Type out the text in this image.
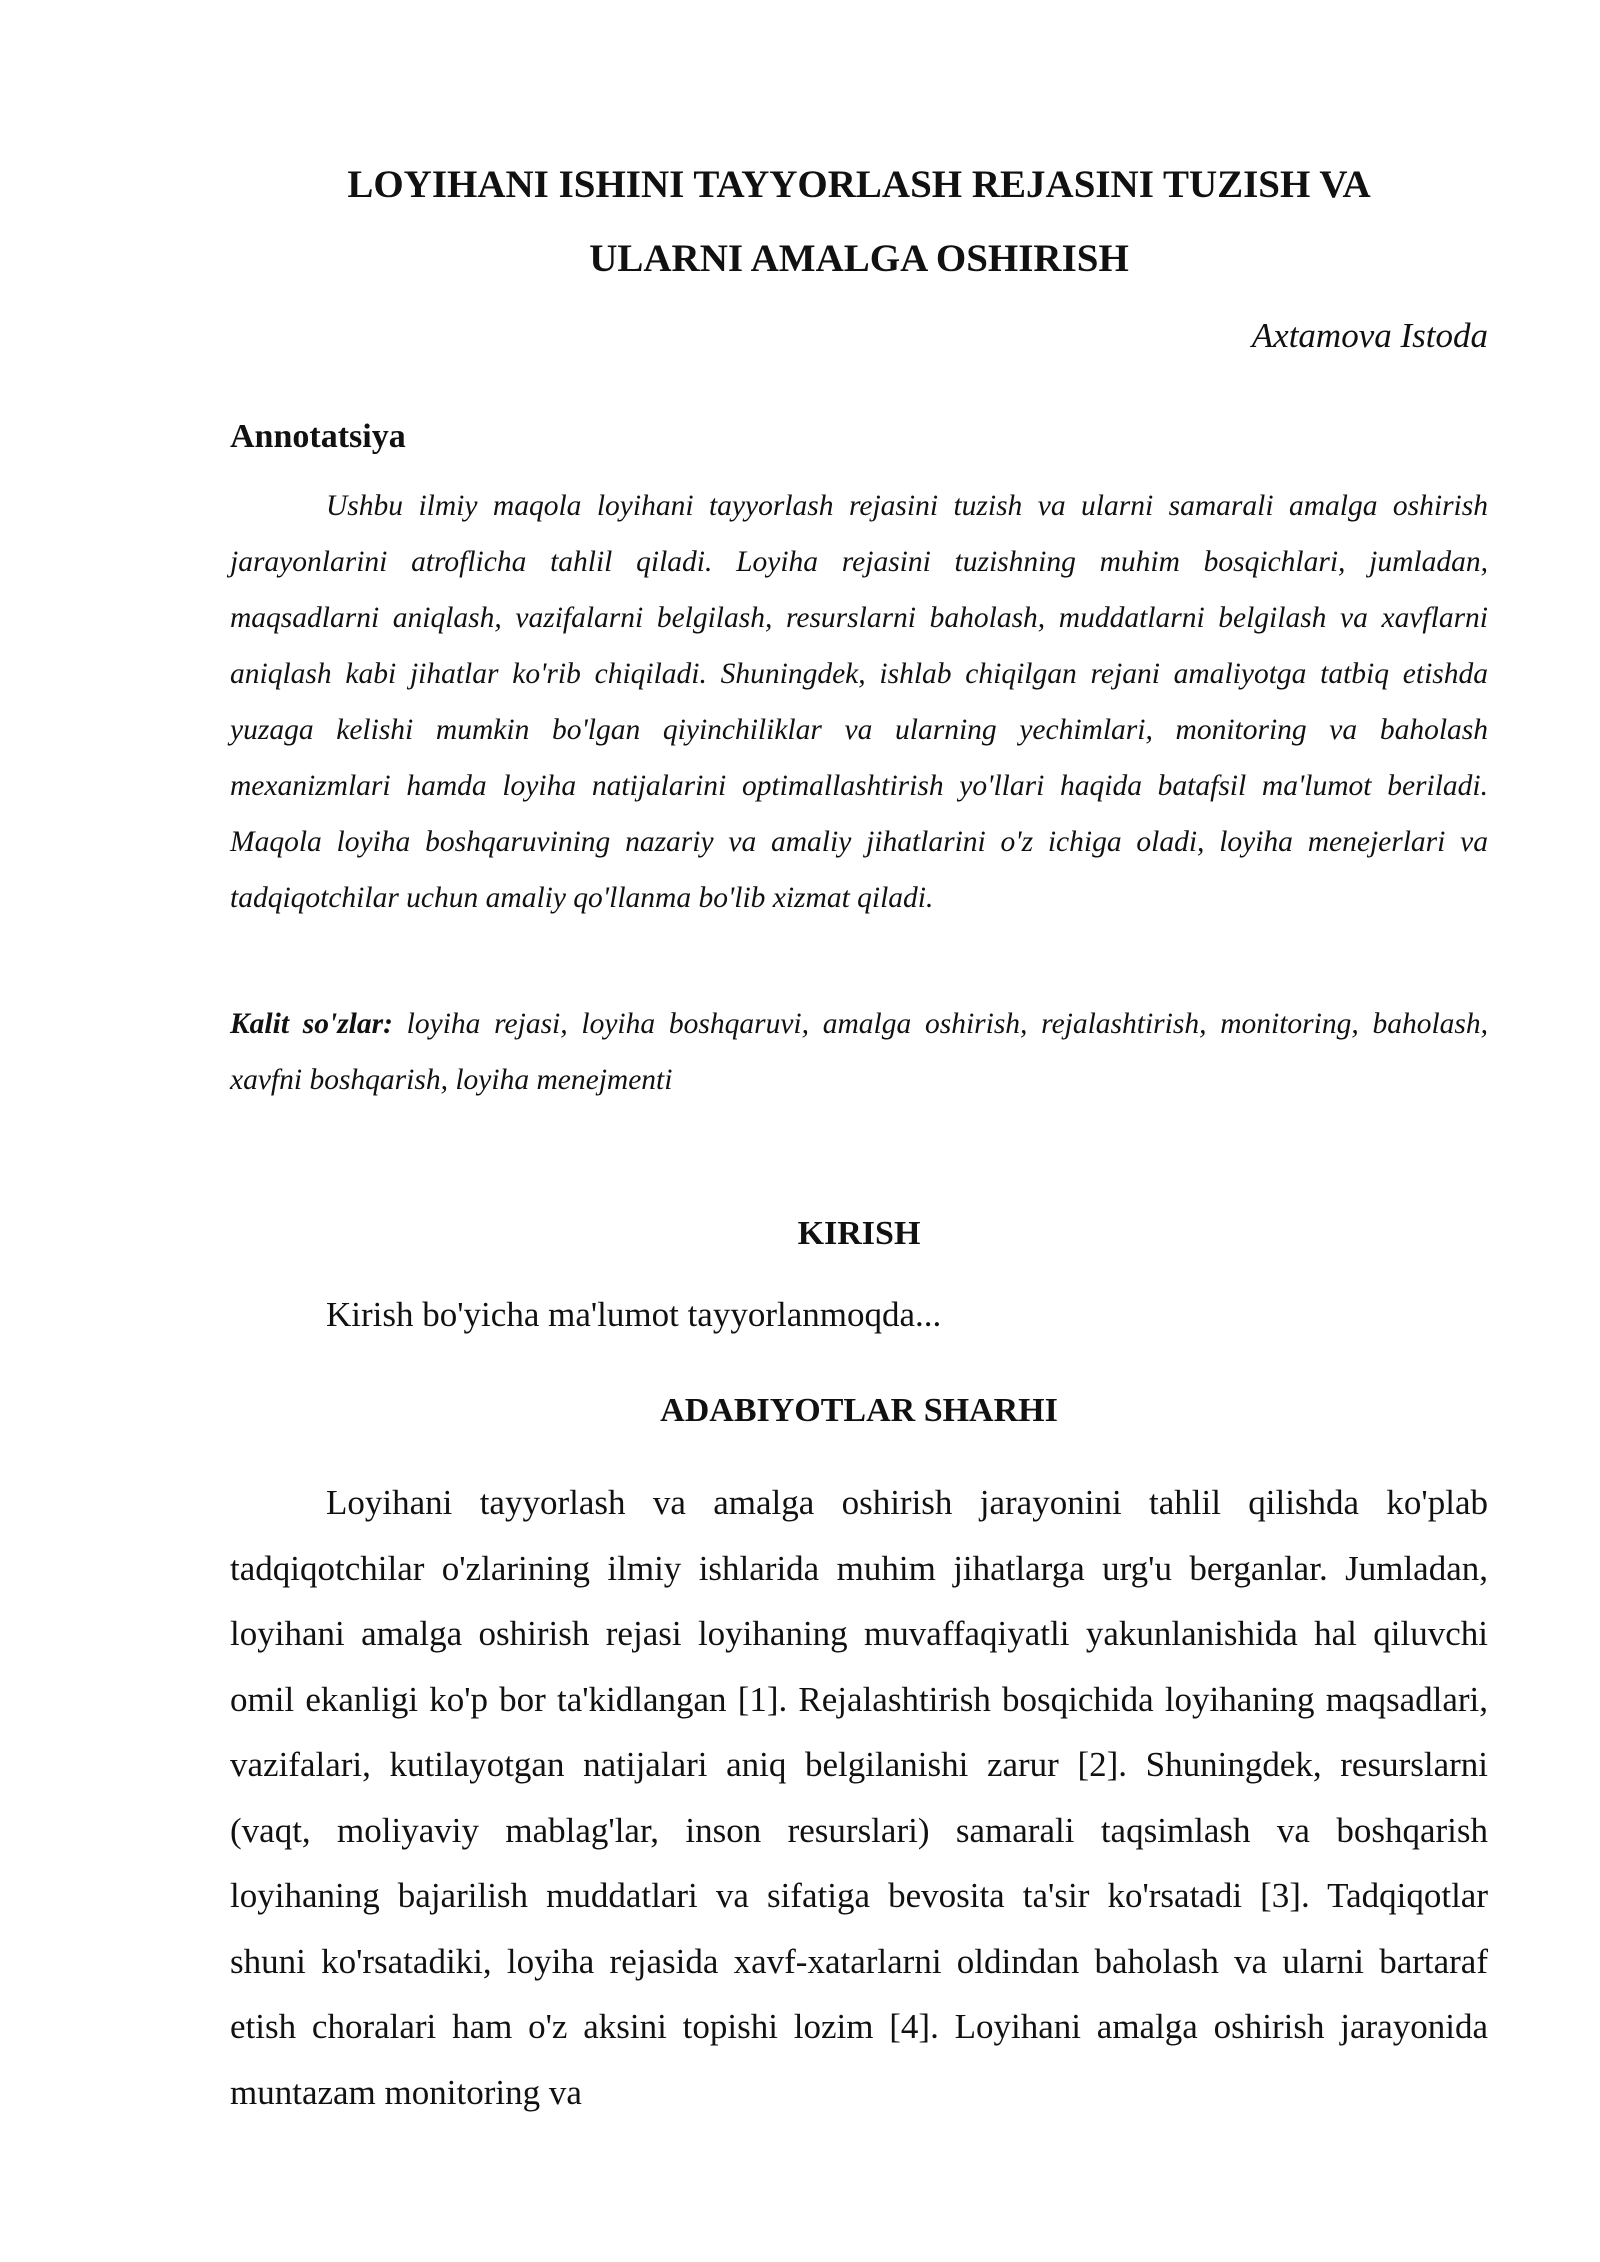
LOYIHANI ISHINI TAYYORLASH REJASINI TUZISH VA
ULARNI AMALGA OSHIRISH

Axtamova Istoda

Annotatsiya

Ushbu ilmiy maqola loyihani tayyorlash rejasini tuzish va ularni samarali amalga oshirish jarayonlarini atroflicha tahlil qiladi. Loyiha rejasini tuzishning muhim bosqichlari, jumladan, maqsadlarni aniqlash, vazifalarni belgilash, resurslarni baholash, muddatlarni belgilash va xavflarni aniqlash kabi jihatlar ko'rib chiqiladi. Shuningdek, ishlab chiqilgan rejani amaliyotga tatbiq etishda yuzaga kelishi mumkin bo'lgan qiyinchiliklar va ularning yechimlari, monitoring va baholash mexanizmlari hamda loyiha natijalarini optimallashtirish yo'llari haqida batafsil ma'lumot beriladi. Maqola loyiha boshqaruvining nazariy va amaliy jihatlarini o'z ichiga oladi, loyiha menejerlari va tadqiqotchilar uchun amaliy qo'llanma bo'lib xizmat qiladi.

Kalit so'zlar: loyiha rejasi, loyiha boshqaruvi, amalga oshirish, rejalashtirish, monitoring, baholash, xavfni boshqarish, loyiha menejmenti

KIRISH

Kirish bo'yicha ma'lumot tayyorlanmoqda...

ADABIYOTLAR SHARHI

Loyihani tayyorlash va amalga oshirish jarayonini tahlil qilishda ko'plab tadqiqotchilar o'zlarining ilmiy ishlarida muhim jihatlarga urg'u berganlar. Jumladan, loyihani amalga oshirish rejasi loyihaning muvaffaqiyatli yakunlanishida hal qiluvchi omil ekanligi ko'p bor ta'kidlangan [1]. Rejalashtirish bosqichida loyihaning maqsadlari, vazifalari, kutilayotgan natijalari aniq belgilanishi zarur [2]. Shuningdek, resurslarni (vaqt, moliyaviy mablag'lar, inson resurslari) samarali taqsimlash va boshqarish loyihaning bajarilish muddatlari va sifatiga bevosita ta'sir ko'rsatadi [3]. Tadqiqotlar shuni ko'rsatadiki, loyiha rejasida xavf-xatarlarni oldindan baholash va ularni bartaraf etish choralari ham o'z aksini topishi lozim [4]. Loyihani amalga oshirish jarayonida muntazam monitoring va
